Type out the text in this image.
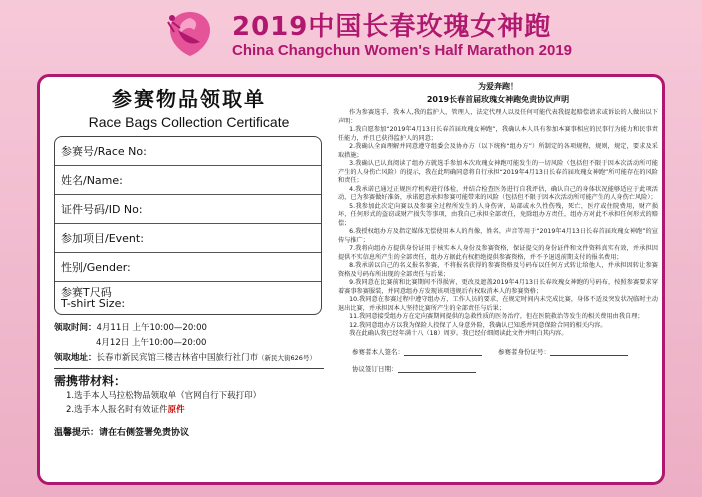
2019中国长春玫瑰女神跑
China Changchun Women's Half Marathon 2019
参赛物品领取单
Race Bags Collection Certificate
参赛号/Race No:
姓名/Name:
证件号码/ID No:
参加项目/Event:
性别/Gender:
参赛T尺码
T-shirt Size:
领取时间：4月11日 上午10:00—20:00
4月12日 上午10:00—20:00
领取地址：长春市新民宾馆三楼吉林省中国旅行社门市（新民大街626号）
需携带材料：
1.选手本人马拉松物品领取单（官网自行下载打印）
2.选手本人报名时有效证件原件
温馨提示：请在右侧签署免责协议
为爱奔跑！
2019长春首届玫瑰女神跑免责协议声明

作为参赛选手，我本人,我的监护人，管理人，法定代理人以及任何可能代表我提起赔偿请求或诉讼的人做出以下声明：

1.我自愿参加“2019年4月13日长春首届玫瑰女神跑”，我确认本人具有参加本赛事相应的民事行为能力和民事责任能力，并且已获得监护人的同意；

2.我确认全面理解并同意遵守组委会及协办方（以下统称“组办方”）所制定的各项规程，规则，规定，要求及采取措施；

3.我确认已认真阅读了组办方就选手参加本次玫瑰女神跑可能发生的一切风险（包括但不限于因本次活动所可能产生的人身伤亡风险）的提示，我在此明确同意将自行承担“2019年4月13日长春首届玫瑰女神跑”所可能存在的风险和责任；

4.我承诺已通过正规医疗机构进行体检，并结合检查医务进行自我评估，确认自己的身体状况能够适应于此项活动，已为参赛做好准备，承诺愿意承担参赛可能带来的风险（包括但不限于因本次活动所可能产生的人身伤亡风险）；

5.我参加此次定向赛以及参赛全过程所发生的人身伤害，局部或永久性伤残，死亡，医疗或住院费用，财产损坏，任何形式的盗窃或财产损失等事项，由我自己承担全部责任，免除组办方责任，组办方对此不承担任何形式的赔偿；

6.我授权组办方及指定媒体无偿使用本人的肖像，姓名，声音等用于“2019年4月13日长春首届玫瑰女神跑”的宣传与推广；

7.我将向组办方提供身份证用于核实本人身份及参赛资格，保证提交的身份证件和文件资料真实有效，并承担因提供不实信息所产生的全部责任，组办方据此有权拒绝提供参赛资格，并不予退返前期支付的报名费用；

8.我承诺以自己的名义报名参赛，不将报名获得的参赛资格及号码布以任何方式转让给他人，并承担因转让参赛资格及号码布所出现的全部责任与后果；

9.我同意在比赛前和比赛期间不得损害，更改及遮盖2019年4月13日长春玫瑰女神跑的号码布，按照参赛要求穿着赛事参赛服装，并同意组办方发现该项违规后有权取消本人的参赛资格；

10.我同意在参赛过程中遵守组办方，工作人员的要求，在规定时间内未完成比赛，身体不适及突发状况临时主动退出比赛，并承担因本人坚持比赛所产生的全部责任与后果；

11.我同意接受组办方在定向赛期间提供的急救性质的医务治疗，但在医院救治等发生的相关费用由我自理；

12.我同意组办方以我为保险人投保了人身意外险，我确认已知悉并同意保险合同的相关内容。

我在此确认我已经年满十八（18）周岁。我已经仔细阅读此文件并明白其内容。

参赛者本人签名：	参赛者身份证号：
协议签订日期：
